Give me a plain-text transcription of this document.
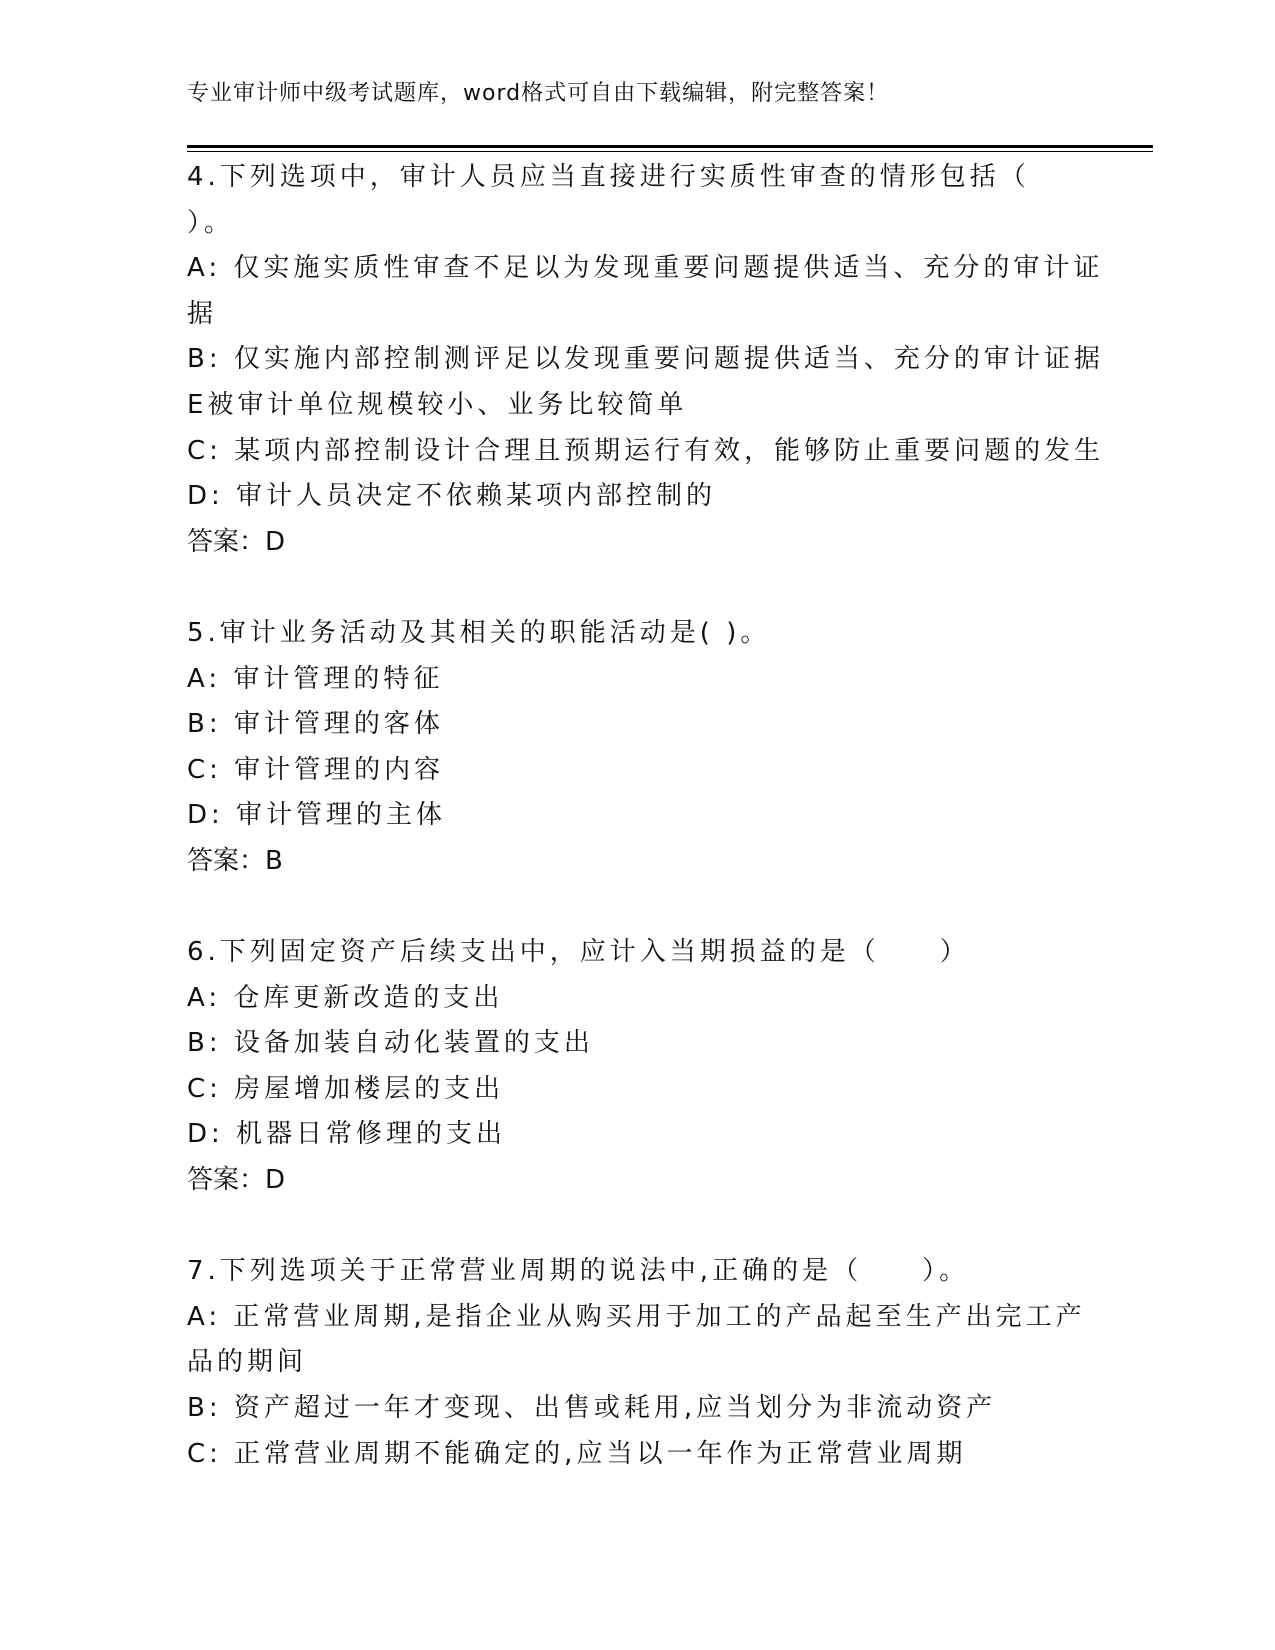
专业审计师中级考试题库，word格式可自由下载编辑，附完整答案！
4.下列选项中，审计人员应当直接进行实质性审查的情形包括（
）。
A: 仅实施实质性审查不足以为发现重要问题提供适当、充分的审计证
据
B: 仅实施内部控制测评足以发现重要问题提供适当、充分的审计证据
E被审计单位规模较小、业务比较简单
C: 某项内部控制设计合理且预期运行有效，能够防止重要问题的发生
D: 审计人员决定不依赖某项内部控制的
答案：D
5.审计业务活动及其相关的职能活动是( )。
A: 审计管理的特征
B: 审计管理的客体
C: 审计管理的内容
D: 审计管理的主体
答案：B
6.下列固定资产后续支出中，应计入当期损益的是（　　）
A: 仓库更新改造的支出
B: 设备加装自动化装置的支出
C: 房屋增加楼层的支出
D: 机器日常修理的支出
答案：D
7.下列选项关于正常营业周期的说法中,正确的是（　　）。
A: 正常营业周期,是指企业从购买用于加工的产品起至生产出完工产
品的期间
B: 资产超过一年才变现、出售或耗用,应当划分为非流动资产
C: 正常营业周期不能确定的,应当以一年作为正常营业周期
